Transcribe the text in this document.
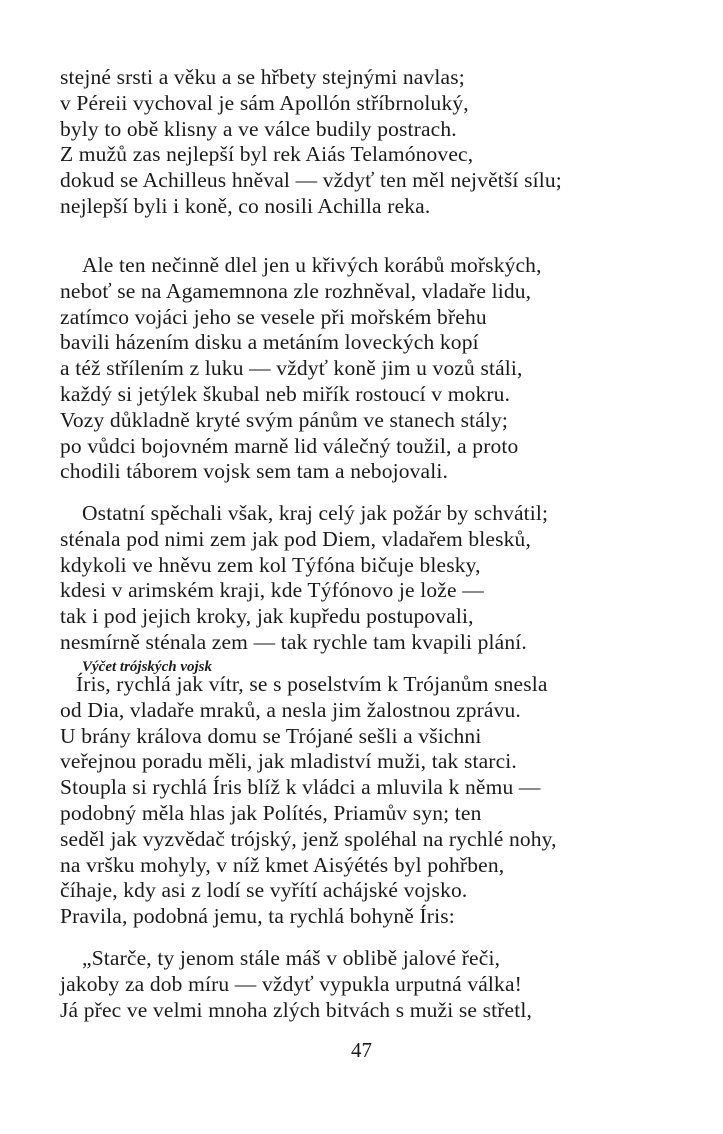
stejné srsti a věku a se hřbety stejnými navlas;
v Péreii vychoval je sám Apollón stříbrnoluký,
byly to obě klisny a ve válce budily postrach.
Z mužů zas nejlepší byl rek Aiás Telamónovec,
dokud se Achilleus hněval — vždyť ten měl největší sílu;
nejlepší byli i koně, co nosili Achilla reka.
Ale ten nečinně dlel jen u křivých korábů mořských,
neboť se na Agamemnona zle rozhněval, vladaře lidu,
zatímco vojáci jeho se vesele při mořském břehu
bavili házením disku a metáním loveckých kopí
a též střílením z luku — vždyť koně jim u vozů stáli,
každý si jetýlek škubal neb miřík rostoucí v mokru.
Vozy důkladně kryté svým pánům ve stanech stály;
po vůdci bojovném marně lid válečný toužil, a proto
chodili táborem vojsk sem tam a nebojovali.
Ostatní spěchali však, kraj celý jak požár by schvátil;
sténala pod nimi zem jak pod Diem, vladařem blesků,
kdykoli ve hněvu zem kol Týfóna bičuje blesky,
kdesi v arimském kraji, kde Týfónovo je lože —
tak i pod jejich kroky, jak kupředu postupovali,
nesmírně sténala zem — tak rychle tam kvapili plání.
Výčet trójských vojsk
Íris, rychlá jak vítr, se s poselstvím k Trójanům snesla
od Dia, vladaře mraků, a nesla jim žalostnou zprávu.
U brány králova domu se Trójané sešli a všichni
veřejnou poradu měli, jak mladiství muži, tak starci.
Stoupla si rychlá Íris blíž k vládci a mluvila k němu —
podobný měla hlas jak Polítés, Priamův syn; ten
seděl jak vyzvědač trójský, jenž spoléhal na rychlé nohy,
na vršku mohyly, v níž kmet Aisýétés byl pohřben,
číhaje, kdy asi z lodí se vyřítí achájské vojsko.
Pravila, podobná jemu, ta rychlá bohyně Íris:
„Starče, ty jenom stále máš v oblibě jalové řeči,
jakoby za dob míru — vždyť vypukla urputná válka!
Já přec ve velmi mnoha zlých bitvách s muži se střetl,
47
